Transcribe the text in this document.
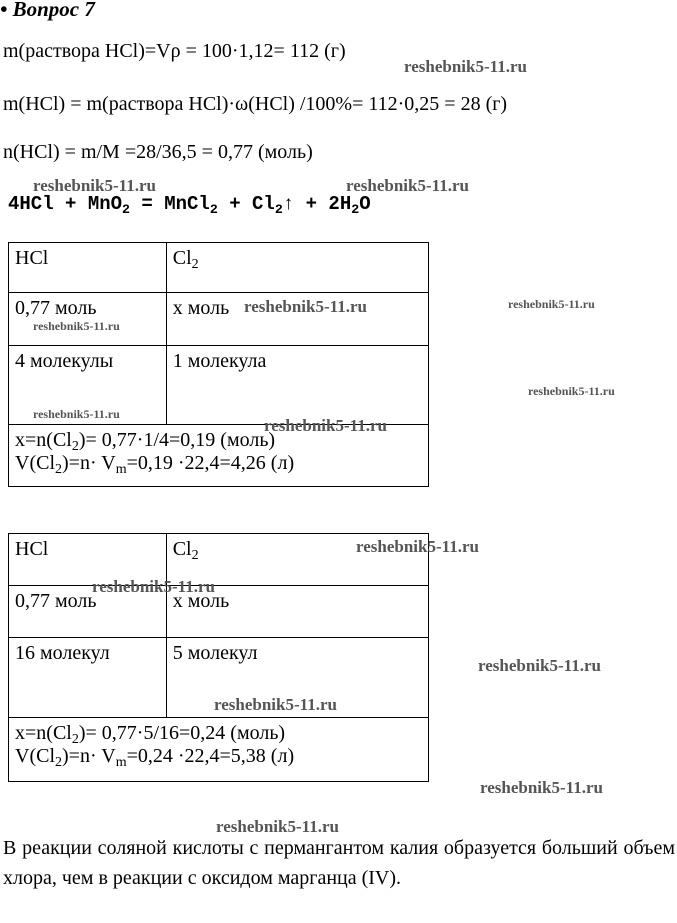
• Вопрос 7
m(раствора HCl)=Vρ = 100·1,12= 112 (г)
m(HCl) = m(раствора HCl)·ω(HCl) /100%= 112·0,25 = 28 (г)
n(HCl) = m/M =28/36,5 = 0,77 (моль)
4HCl + MnO$_2$ = MnCl$_2$ + $Cl_2↑ + 2H_2O$
HCl	$Cl_2$
0,77 моль	x моль
4 молекулы	1 молекула

$x=n(Cl_2)= 0,77\cdot 1/4=0,19$ (моль)
$V(Cl_2)=n\cdot V_m=0,19 \cdot 22,4=4,26$ (л)	
HCl	$Cl_2$
0,77 моль	x моль
16 молекул	5 молекул

$x=n(Cl_2)= 0,77\cdot 5/16=0,24$ (моль)
$V(Cl_2)=n\cdot V_m=0,24 \cdot 22,4=5,38$ (л)	
В реакции соляной кислоты с пермангантом калия образуется больший объем хлора, чем в реакции с оксидом марганца (IV).
reshebnik5-11.ru
reshebnik5-11.ru	reshebnik5-11.ru
reshebnik5-11.ru	reshebnik5-11.ru
reshebnik5-11.ru
reshebnik5-11.ru
reshebnik5-11.ru
reshebnik5-11.ru
reshebnik5-11.ru
reshebnik5-11.ru
reshebnik5-11.ru
reshebnik5-11.ru
reshebnik5-11.ru
reshebnik5-11.ru
